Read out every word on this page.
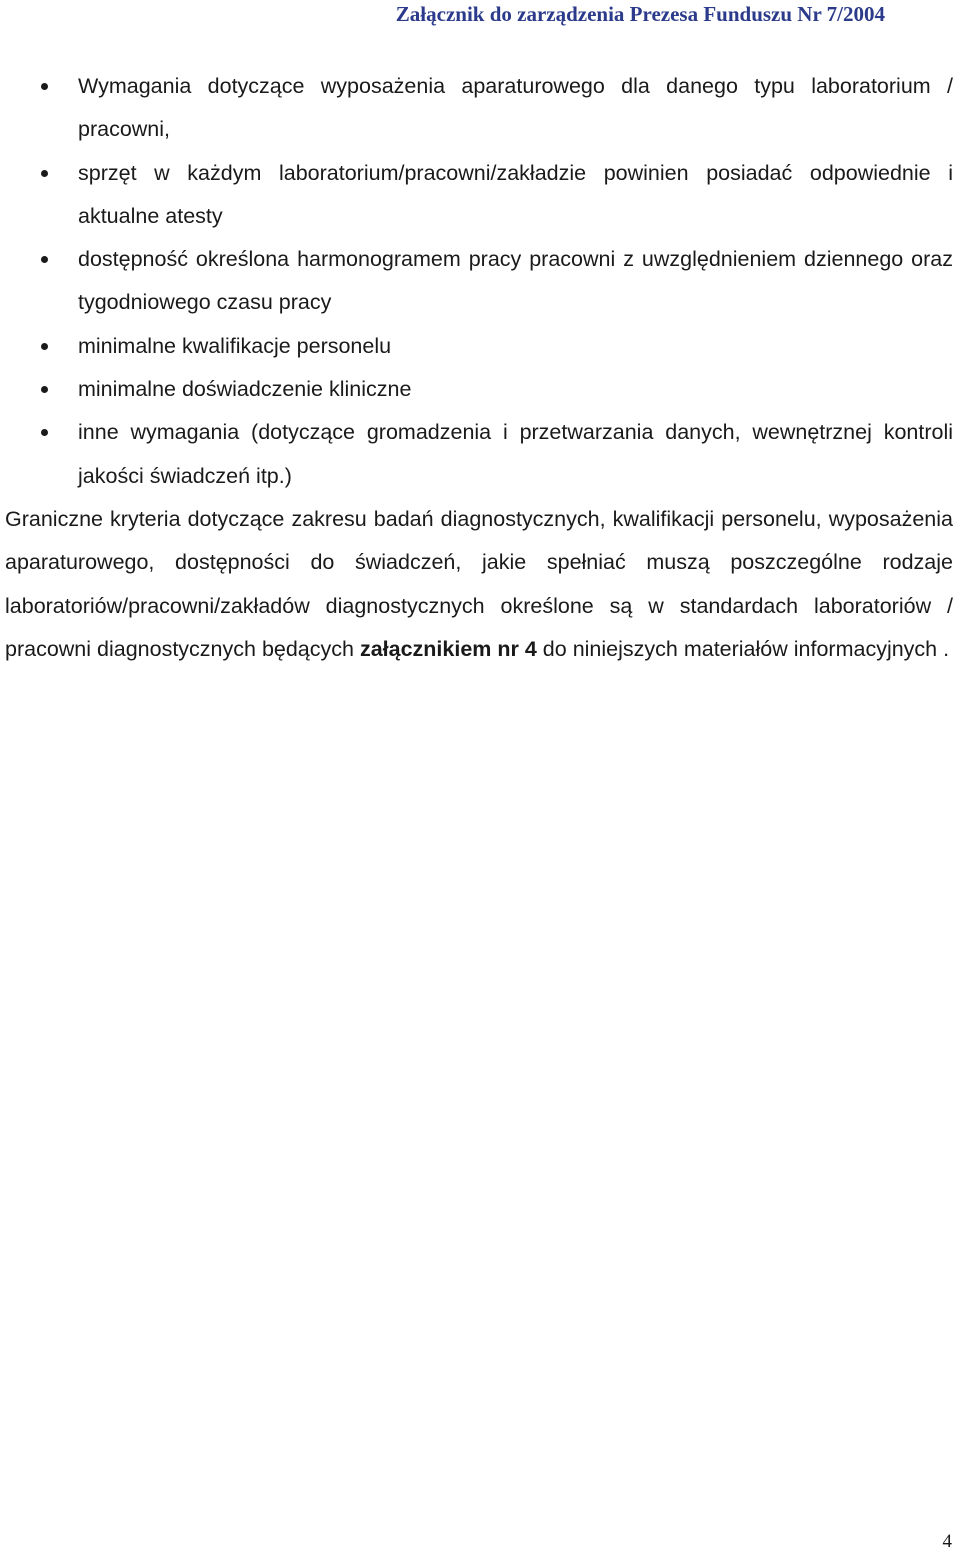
Załącznik do zarządzenia Prezesa Funduszu Nr 7/2004
Wymagania dotyczące wyposażenia aparaturowego dla danego typu laboratorium / pracowni,
sprzęt w każdym laboratorium/pracowni/zakładzie powinien posiadać odpowiednie i aktualne atesty
dostępność określona harmonogramem pracy pracowni z uwzględnieniem dziennego oraz tygodniowego czasu pracy
minimalne kwalifikacje personelu
minimalne doświadczenie kliniczne
inne wymagania (dotyczące gromadzenia i przetwarzania danych, wewnętrznej kontroli jakości świadczeń itp.)

Graniczne kryteria dotyczące zakresu badań diagnostycznych, kwalifikacji personelu, wyposażenia aparaturowego, dostępności do świadczeń, jakie spełniać muszą poszczególne rodzaje laboratoriów/pracowni/zakładów diagnostycznych określone są w standardach laboratoriów / pracowni diagnostycznych będących załącznikiem nr 4 do niniejszych materiałów informacyjnych .

4
